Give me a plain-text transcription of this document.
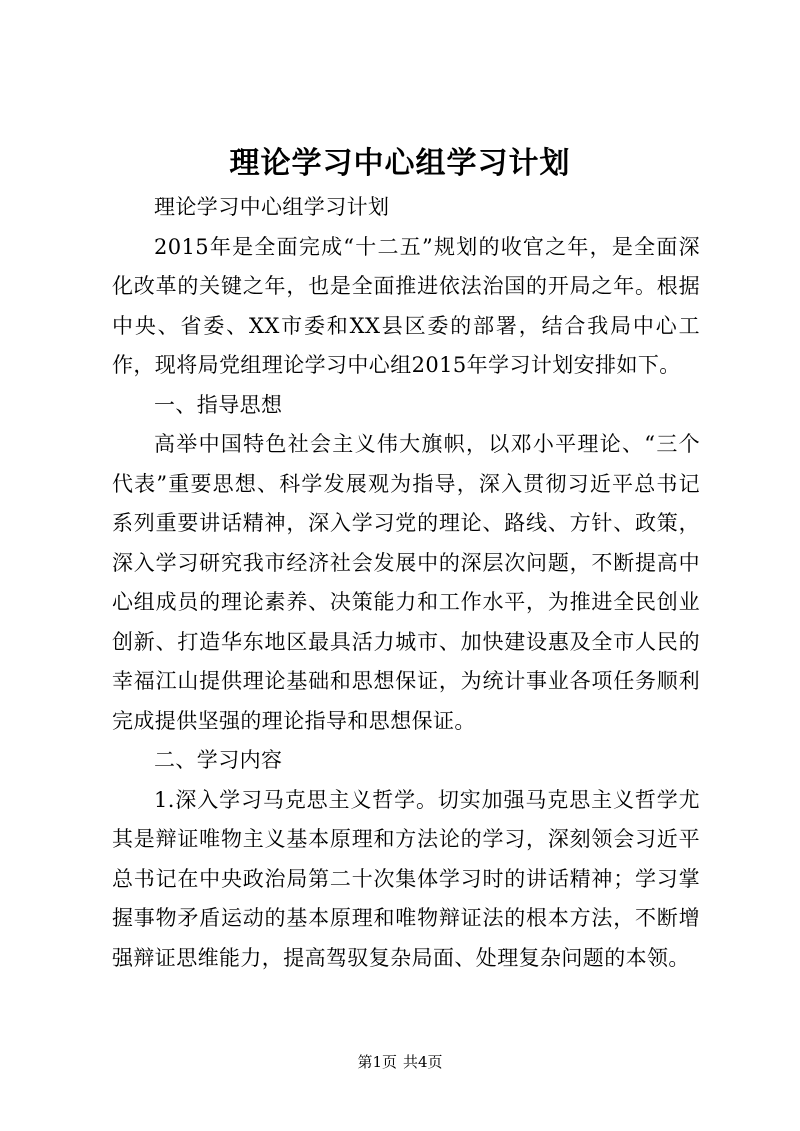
理论学习中心组学习计划

理论学习中心组学习计划

2015年是全面完成“十二五”规划的收官之年，是全面深化改革的关键之年，也是全面推进依法治国的开局之年。根据中央、省委、XX市委和XX县区委的部署，结合我局中心工作，现将局党组理论学习中心组2015年学习计划安排如下。

一、指导思想

高举中国特色社会主义伟大旗帜，以邓小平理论、“三个代表”重要思想、科学发展观为指导，深入贯彻习近平总书记系列重要讲话精神，深入学习党的理论、路线、方针、政策，深入学习研究我市经济社会发展中的深层次问题，不断提高中心组成员的理论素养、决策能力和工作水平，为推进全民创业创新、打造华东地区最具活力城市、加快建设惠及全市人民的幸福江山提供理论基础和思想保证，为统计事业各项任务顺利完成提供坚强的理论指导和思想保证。

二、学习内容

1.深入学习马克思主义哲学。切实加强马克思主义哲学尤其是辩证唯物主义基本原理和方法论的学习，深刻领会习近平总书记在中央政治局第二十次集体学习时的讲话精神；学习掌握事物矛盾运动的基本原理和唯物辩证法的根本方法，不断增强辩证思维能力，提高驾驭复杂局面、处理复杂问题的本领。

第1页 共4页
